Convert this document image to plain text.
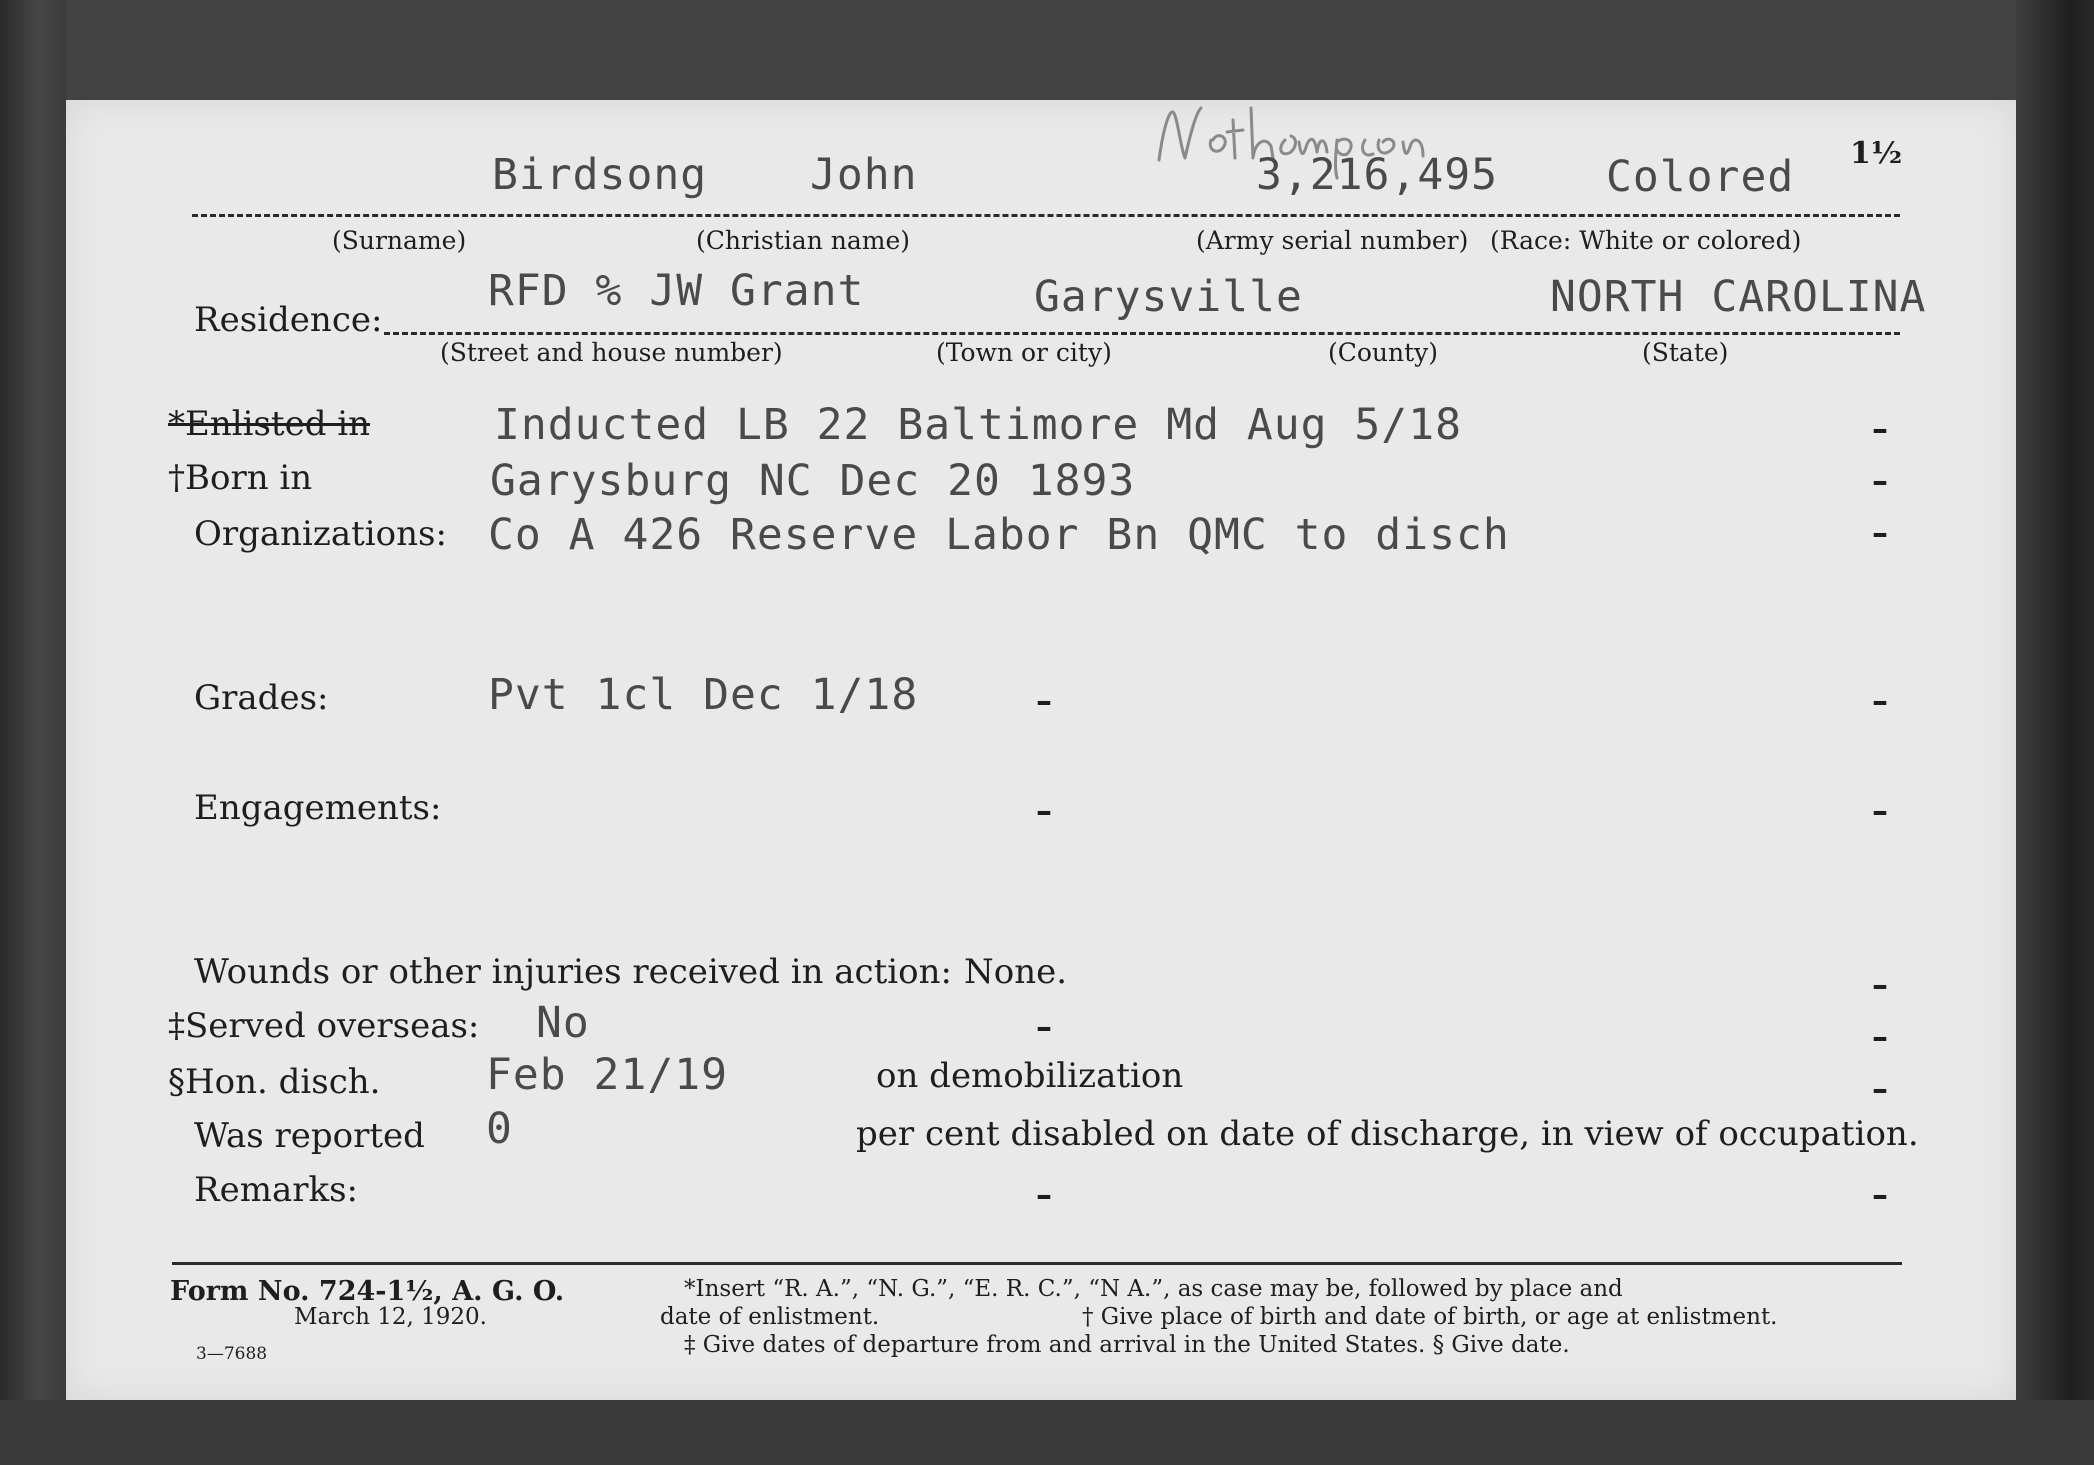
Birdsong John	3,216,495	Colored 1½
(Surname)	(Christian name)	(Army serial number) (Race: White or colored)
Residence:
RFD % JW Grant	Garysville	NORTH CAROLINA
(Street and house number)	(Town or city)	(County)	(State)
*Enlisted in	Inducted LB 22 Baltimore Md Aug 5/18	–
†Born in	Garysburg NC Dec 20 1893	–
Organizations: Co A 426 Reserve Labor Bn QMC to disch	–
Grades:	Pvt 1cl Dec 1/18	–	–
Engagements:	–	–
Wounds or other injuries received in action: None.	–
‡Served overseas: No	–	–
§Hon. disch. Feb 21/19	on demobilization	–
Was reported 0	per cent disabled on date of discharge, in view of occupation.
Remarks:	–	–
Form No. 724-1½, A. G. O.
March 12, 1920.
3—7688
*Insert “R. A.”, “N. G.”, “E. R. C.”, “N A.”, as case may be, followed by place and
date of enlistment.	† Give place of birth and date of birth, or age at enlistment.
‡ Give dates of departure from and arrival in the United States. § Give date.
